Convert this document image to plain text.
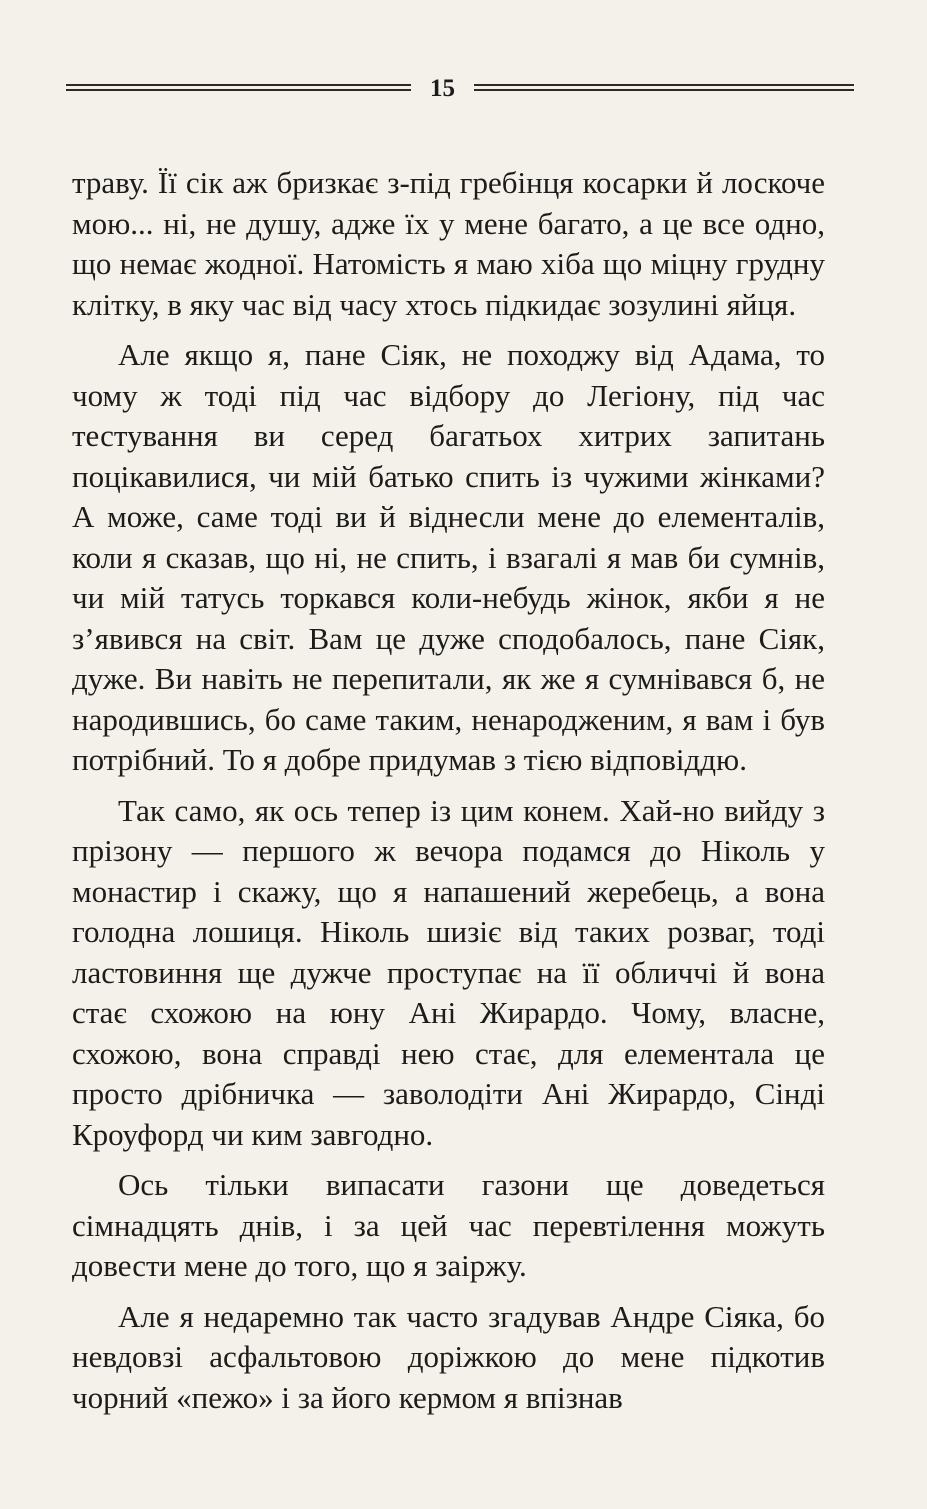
15

траву. Її сік аж бризкає з-під гребінця косарки й лоскоче мою... ні, не душу, адже їх у мене багато, а це все одно, що немає жодної. Натомість я маю хіба що міцну грудну клітку, в яку час від часу хтось підкидає зозулині яйця.

Але якщо я, пане Сіяк, не походжу від Адама, то чому ж тоді під час відбору до Легіону, під час тестування ви серед багатьох хитрих запитань поцікавилися, чи мій батько спить із чужими жінками? А може, саме тоді ви й віднесли мене до елементалів, коли я сказав, що ні, не спить, і взагалі я мав би сумнів, чи мій татусь торкався коли-небудь жінок, якби я не з’явився на світ. Вам це дуже сподобалось, пане Сіяк, дуже. Ви навіть не перепитали, як же я сумнівався б, не народившись, бо саме таким, ненародженим, я вам і був потрібний. То я добре придумав з тією відповіддю.

Так само, як ось тепер із цим конем. Хай-но вийду з прізону — першого ж вечора подамся до Ніколь у монастир і скажу, що я напашений жеребець, а вона голодна лошиця. Ніколь шизіє від таких розваг, тоді ластовиння ще дужче проступає на її обличчі й вона стає схожою на юну Ані Жирардо. Чому, власне, схожою, вона справді нею стає, для елементала це просто дрібничка — заволодіти Ані Жирардо, Сінді Кроуфорд чи ким завгодно.

Ось тільки випасати газони ще доведеться сімнадцять днів, і за цей час перевтілення можуть довести мене до того, що я заіржу.

Але я недаремно так часто згадував Андре Сіяка, бо невдовзі асфальтовою доріжкою до мене підкотив чорний «пежо» і за його кермом я впізнав
